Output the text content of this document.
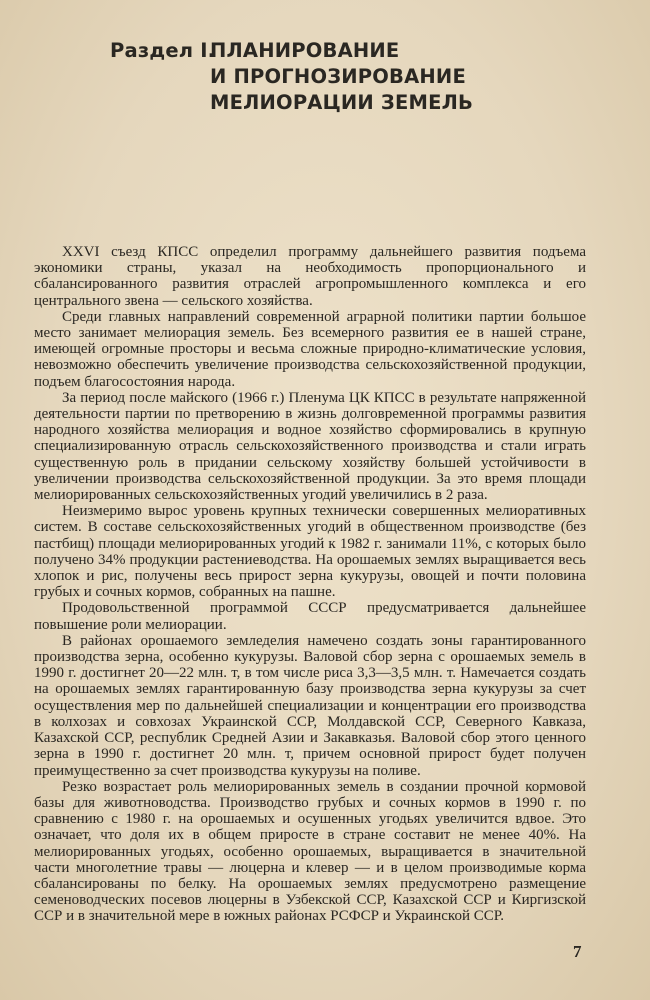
Раздел I.
ПЛАНИРОВАНИЕ
И ПРОГНОЗИРОВАНИЕ
МЕЛИОРАЦИИ ЗЕМЕЛЬ

XXVI съезд КПСС определил программу дальнейшего развития подъема экономики страны, указал на необходимость пропорционального и сбалансированного развития отраслей агропромышленного комплекса и его центрального звена — сельского хозяйства.

Среди главных направлений современной аграрной политики партии большое место занимает мелиорация земель. Без всемерного развития ее в нашей стране, имеющей огромные просторы и весьма сложные природно-климатические условия, невозможно обеспечить увеличение производства сельскохозяйственной продукции, подъем благосостояния народа.

За период после майского (1966 г.) Пленума ЦК КПСС в результате напряженной деятельности партии по претворению в жизнь долговременной программы развития народного хозяйства мелиорация и водное хозяйство сформировались в крупную специализированную отрасль сельскохозяйственного производства и стали играть существенную роль в придании сельскому хозяйству большей устойчивости в увеличении производства сельскохозяйственной продукции. За это время площади мелиорированных сельскохозяйственных угодий увеличились в 2 раза.

Неизмеримо вырос уровень крупных технически совершенных мелиоративных систем. В составе сельскохозяйственных угодий в общественном производстве (без пастбищ) площади мелиорированных угодий к 1982 г. занимали 11%, с которых было получено 34% продукции растениеводства. На орошаемых землях выращивается весь хлопок и рис, получены весь прирост зерна кукурузы, овощей и почти половина грубых и сочных кормов, собранных на пашне.

Продовольственной программой СССР предусматривается дальнейшее повышение роли мелиорации.

В районах орошаемого земледелия намечено создать зоны гарантированного производства зерна, особенно кукурузы. Валовой сбор зерна с орошаемых земель в 1990 г. достигнет 20—22 млн. т, в том числе риса 3,3—3,5 млн. т. Намечается создать на орошаемых землях гарантированную базу производства зерна кукурузы за счет осуществления мер по дальнейшей специализации и концентрации его производства в колхозах и совхозах Украинской ССР, Молдавской ССР, Северного Кавказа, Казахской ССР, республик Средней Азии и Закавказья. Валовой сбор этого ценного зерна в 1990 г. достигнет 20 млн. т, причем основной прирост будет получен преимущественно за счет производства кукурузы на поливе.

Резко возрастает роль мелиорированных земель в создании прочной кормовой базы для животноводства. Производство грубых и сочных кормов в 1990 г. по сравнению с 1980 г. на орошаемых и осушенных угодьях увеличится вдвое. Это означает, что доля их в общем приросте в стране составит не менее 40%. На мелиорированных угодьях, особенно орошаемых, выращивается в значительной части многолетние травы — люцерна и клевер — и в целом производимые корма сбалансированы по белку. На орошаемых землях предусмотрено размещение семеноводческих посевов люцерны в Узбекской ССР, Казахской ССР и Киргизской ССР и в значительной мере в южных районах РСФСР и Украинской ССР.

7
